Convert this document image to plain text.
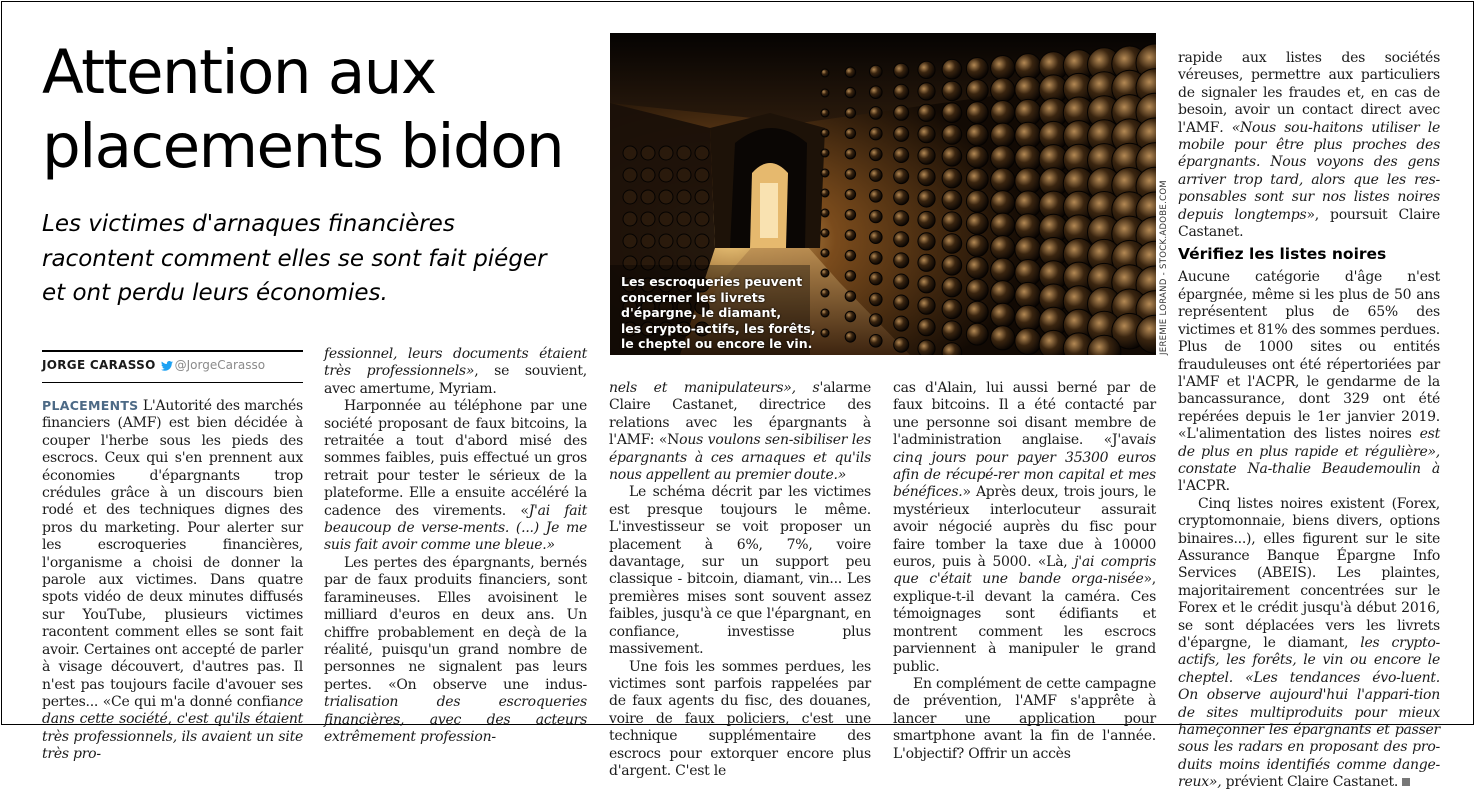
Attention aux
placements bidon
Les victimes d'arnaques financières
racontent comment elles se sont fait piéger
et ont perdu leurs économies.
JORGE CARASSO @JorgeCarasso
Les escroqueries peuvent
concerner les livrets
d'épargne, le diamant,
les crypto-actifs, les forêts,
le cheptel ou encore le vin.	JEREMIE LORAND - STOCK.ADOBE.COM

PLACEMENTS L'Autorité des marchés financiers (AMF) est bien décidée à couper l'herbe sous les pieds des escrocs. Ceux qui s'en prennent aux économies d'épargnants trop crédules grâce à un discours bien rodé et des techniques dignes des pros du marketing. Pour alerter sur les escroqueries financières, l'organisme a choisi de donner la parole aux victimes. Dans quatre spots vidéo de deux minutes diffusés sur YouTube, plusieurs victimes racontent comment elles se sont fait avoir. Certaines ont accepté de parler à visage découvert, d'autres pas. Il n'est pas toujours facile d'avouer ses pertes... «Ce qui m'a donné confiance dans cette société, c'est qu'ils étaient très professionnels, ils avaient un site très pro-

fessionnel, leurs documents étaient très professionnels», se souvient, avec amertume, Myriam.

Harponnée au téléphone par une société proposant de faux bitcoins, la retraitée a tout d'abord misé des sommes faibles, puis effectué un gros retrait pour tester le sérieux de la plateforme. Elle a ensuite accéléré la cadence des virements. «J'ai fait beaucoup de verse-ments. (...) Je me suis fait avoir comme une bleue.»

Les pertes des épargnants, bernés par de faux produits financiers, sont faramineuses. Elles avoisinent le milliard d'euros en deux ans. Un chiffre probablement en deçà de la réalité, puisqu'un grand nombre de personnes ne signalent pas leurs pertes. «On observe une indus-trialisation des escroqueries financières, avec des acteurs extrêmement profession-

nels et manipulateurs», s'alarme Claire Castanet, directrice des relations avec les épargnants à l'AMF: «Nous voulons sen-sibiliser les épargnants à ces arnaques et qu'ils nous appellent au premier doute.»

Le schéma décrit par les victimes est presque toujours le même. L'investisseur se voit proposer un placement à 6%, 7%, voire davantage, sur un support peu classique - bitcoin, diamant, vin... Les premières mises sont souvent assez faibles, jusqu'à ce que l'épargnant, en confiance, investisse plus massivement.

Une fois les sommes perdues, les victimes sont parfois rappelées par de faux agents du fisc, des douanes, voire de faux policiers, c'est une technique supplémentaire des escrocs pour extorquer encore plus d'argent. C'est le

cas d'Alain, lui aussi berné par de faux bitcoins. Il a été contacté par une personne soi disant membre de l'administration anglaise. «J'avais cinq jours pour payer 35300 euros afin de récupé-rer mon capital et mes bénéfices.» Après deux, trois jours, le mystérieux interlocuteur assurait avoir négocié auprès du fisc pour faire tomber la taxe due à 10000 euros, puis à 5000. «Là, j'ai compris que c'était une bande orga-nisée», explique-t-il devant la caméra. Ces témoignages sont édifiants et montrent comment les escrocs parviennent à manipuler le grand public.

En complément de cette campagne de prévention, l'AMF s'apprête à lancer une application pour smartphone avant la fin de l'année. L'objectif? Offrir un accès

rapide aux listes des sociétés véreuses, permettre aux particuliers de signaler les fraudes et, en cas de besoin, avoir un contact direct avec l'AMF. «Nous sou-haitons utiliser le mobile pour être plus proches des épargnants. Nous voyons des gens arriver trop tard, alors que les res-ponsables sont sur nos listes noires depuis longtemps», poursuit Claire Castanet.

Vérifiez les listes noires

Aucune catégorie d'âge n'est épargnée, même si les plus de 50 ans représentent plus de 65% des victimes et 81% des sommes perdues. Plus de 1000 sites ou entités frauduleuses ont été répertoriées par l'AMF et l'ACPR, le gendarme de la bancassurance, dont 329 ont été repérées depuis le 1er janvier 2019. «L'alimentation des listes noires est de plus en plus rapide et régulière», constate Na-thalie Beaudemoulin à l'ACPR.

Cinq listes noires existent (Forex, cryptomonnaie, biens divers, options binaires...), elles figurent sur le site Assurance Banque Épargne Info Services (ABEIS). Les plaintes, majoritairement concentrées sur le Forex et le crédit jusqu'à début 2016, se sont déplacées vers les livrets d'épargne, le diamant, les crypto-actifs, les forêts, le vin ou encore le cheptel. «Les tendances évo-luent. On observe aujourd'hui l'appari-tion de sites multiproduits pour mieux hameçonner les épargnants et passer sous les radars en proposant des pro-duits moins identifiés comme dange-reux», prévient Claire Castanet.
